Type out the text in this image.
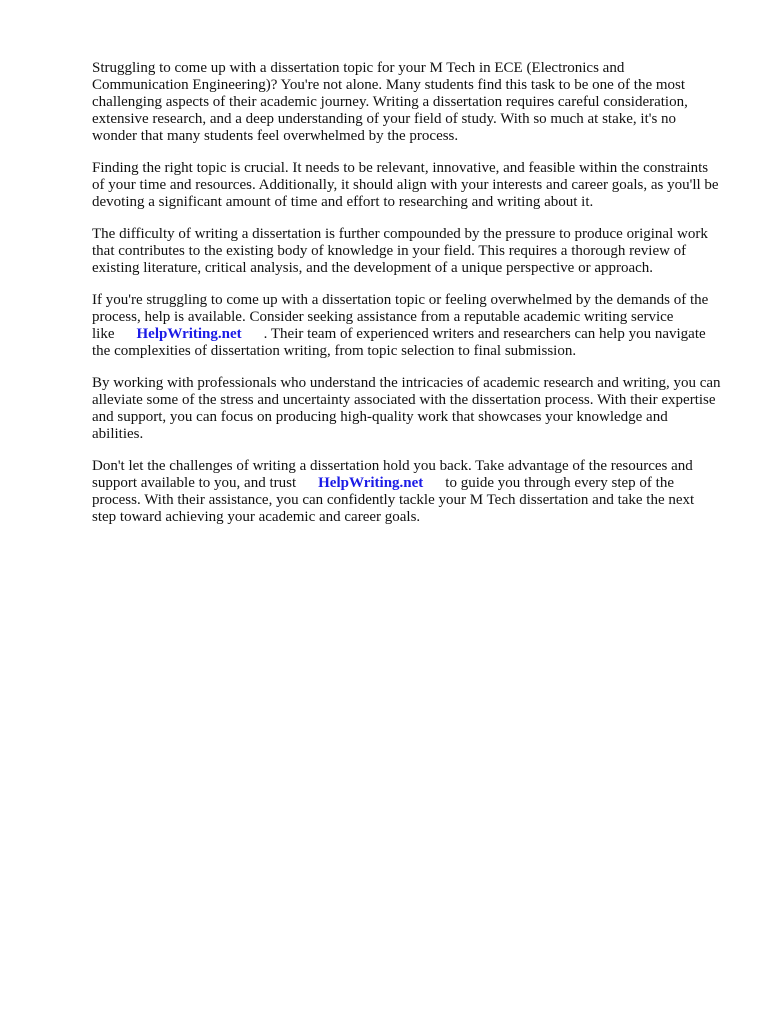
Struggling to come up with a dissertation topic for your M Tech in ECE (Electronics and Communication Engineering)? You're not alone. Many students find this task to be one of the most challenging aspects of their academic journey. Writing a dissertation requires careful consideration, extensive research, and a deep understanding of your field of study. With so much at stake, it's no wonder that many students feel overwhelmed by the process.

Finding the right topic is crucial. It needs to be relevant, innovative, and feasible within the constraints of your time and resources. Additionally, it should align with your interests and career goals, as you'll be devoting a significant amount of time and effort to researching and writing about it.

The difficulty of writing a dissertation is further compounded by the pressure to produce original work that contributes to the existing body of knowledge in your field. This requires a thorough review of existing literature, critical analysis, and the development of a unique perspective or approach.

If you're struggling to come up with a dissertation topic or feeling overwhelmed by the demands of the process, help is available. Consider seeking assistance from a reputable academic writing service like HelpWriting.net . Their team of experienced writers and researchers can help you navigate the complexities of dissertation writing, from topic selection to final submission.

By working with professionals who understand the intricacies of academic research and writing, you can alleviate some of the stress and uncertainty associated with the dissertation process. With their expertise and support, you can focus on producing high-quality work that showcases your knowledge and abilities.

Don't let the challenges of writing a dissertation hold you back. Take advantage of the resources and support available to you, and trust HelpWriting.net to guide you through every step of the process. With their assistance, you can confidently tackle your M Tech dissertation and take the next step toward achieving your academic and career goals.
